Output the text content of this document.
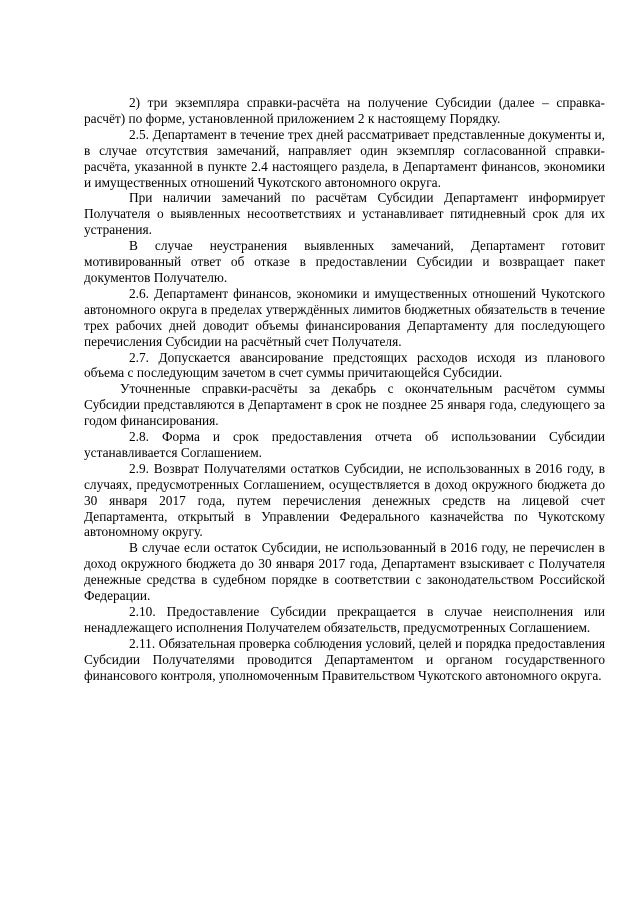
2) три экземпляра справки-расчёта на получение Субсидии (далее – справка-расчёт) по форме, установленной приложением 2 к настоящему Порядку.

2.5. Департамент в течение трех дней рассматривает представленные документы и, в случае отсутствия замечаний, направляет один экземпляр согласованной справки-расчёта, указанной в пункте 2.4 настоящего раздела, в Департамент финансов, экономики и имущественных отношений Чукотского автономного округа.

При наличии замечаний по расчётам Субсидии Департамент информирует Получателя о выявленных несоответствиях и устанавливает пятидневный срок для их устранения.

В случае неустранения выявленных замечаний, Департамент готовит мотивированный ответ об отказе в предоставлении Субсидии и возвращает пакет документов Получателю.

2.6. Департамент финансов, экономики и имущественных отношений Чукотского автономного округа в пределах утверждённых лимитов бюджетных обязательств в течение трех рабочих дней доводит объемы финансирования Департаменту для последующего перечисления Субсидии на расчётный счет Получателя.

2.7. Допускается авансирование предстоящих расходов исходя из планового объема с последующим зачетом в счет суммы причитающейся Субсидии.

Уточненные справки-расчёты за декабрь с окончательным расчётом суммы Субсидии представляются в Департамент в срок не позднее 25 января года, следующего за годом финансирования.

2.8. Форма и срок предоставления отчета об использовании Субсидии устанавливается Соглашением.

2.9. Возврат Получателями остатков Субсидии, не использованных в 2016 году, в случаях, предусмотренных Соглашением, осуществляется в доход окружного бюджета до 30 января 2017 года, путем перечисления денежных средств на лицевой счет Департамента, открытый в Управлении Федерального казначейства по Чукотскому автономному округу.

В случае если остаток Субсидии, не использованный в 2016 году, не перечислен в доход окружного бюджета до 30 января 2017 года, Департамент взыскивает с Получателя денежные средства в судебном порядке в соответствии с законодательством Российской Федерации.

2.10. Предоставление Субсидии прекращается в случае неисполнения или ненадлежащего исполнения Получателем обязательств, предусмотренных Соглашением.

2.11. Обязательная проверка соблюдения условий, целей и порядка предоставления Субсидии Получателями проводится Департаментом и органом государственного финансового контроля, уполномоченным Правительством Чукотского автономного округа.
